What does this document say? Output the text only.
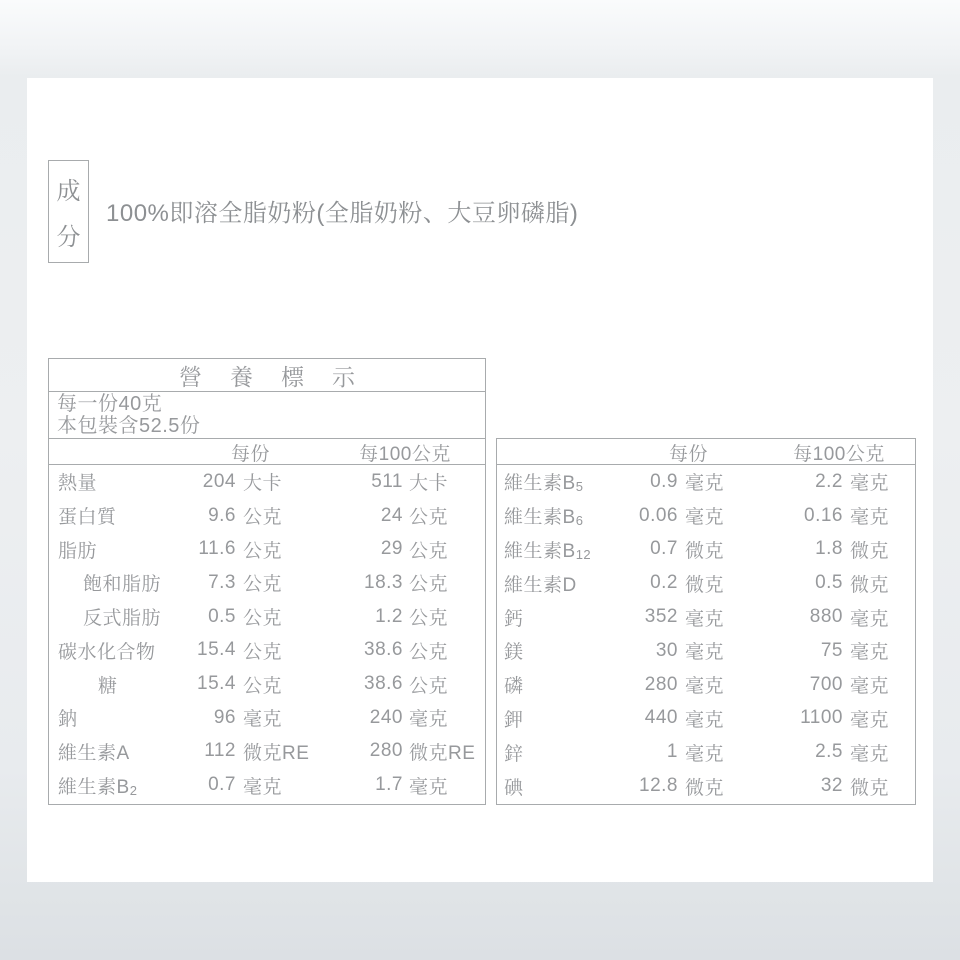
成
分
100%即溶全脂奶粉(全脂奶粉、大豆卵磷脂)
營養標示
每一份40克
本包裝含52.5份
每份	每100公克
熱量	204 大卡	511 大卡
蛋白質	9.6 公克	24 公克
脂肪	11.6 公克	29 公克
飽和脂肪	7.3 公克	18.3 公克
反式脂肪	0.5 公克	1.2 公克
碳水化合物	15.4 公克	38.6 公克
糖	15.4 公克	38.6 公克
鈉	96 毫克	240 毫克
維生素A	112 微克RE	280 微克RE
維生素B2	0.7 毫克	1.7 毫克
每份	每100公克
維生素B5	0.9 毫克	2.2 毫克
維生素B6	0.06 毫克	0.16 毫克
維生素B12	0.7 微克	1.8 微克
維生素D	0.2 微克	0.5 微克
鈣	352 毫克	880 毫克
鎂	30 毫克	75 毫克
磷	280 毫克	700 毫克
鉀	440 毫克	1100 毫克
鋅	1 毫克	2.5 毫克
碘	12.8 微克	32 微克
